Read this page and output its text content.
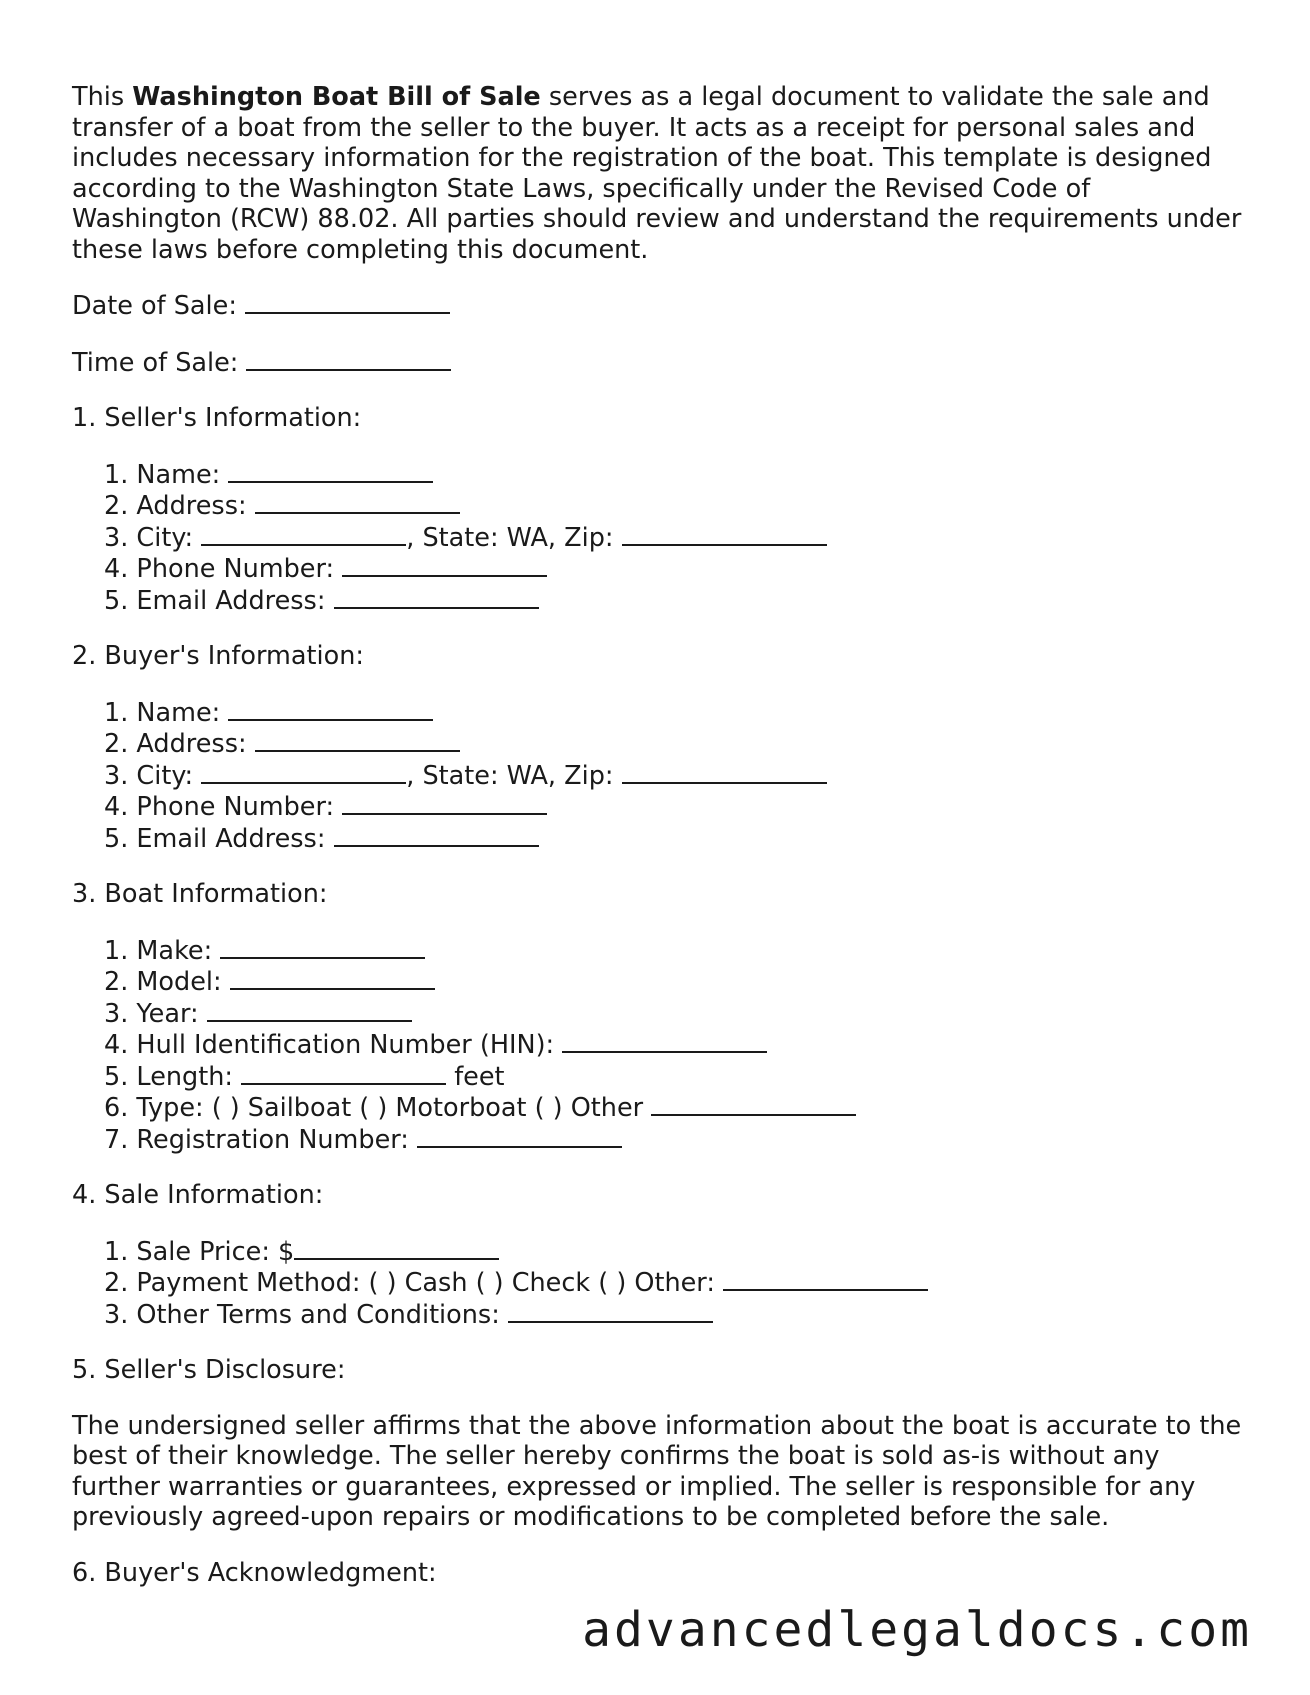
This Washington Boat Bill of Sale serves as a legal document to validate the sale and transfer of a boat from the seller to the buyer. It acts as a receipt for personal sales and includes necessary information for the registration of the boat. This template is designed according to the Washington State Laws, specifically under the Revised Code of Washington (RCW) 88.02. All parties should review and understand the requirements under these laws before completing this document.

Date of Sale:
Time of Sale:
1. Seller's Information:
1. Name:
2. Address:
3. City:	, State: WA, Zip:
4. Phone Number:
5. Email Address:
2. Buyer's Information:
1. Name:
2. Address:
3. City:	, State: WA, Zip:
4. Phone Number:
5. Email Address:
3. Boat Information:
1. Make:
2. Model:
3. Year:
4. Hull Identification Number (HIN):
5. Length:	feet
6. Type: ( ) Sailboat ( ) Motorboat ( ) Other
7. Registration Number:
4. Sale Information:
1. Sale Price: $
2. Payment Method: ( ) Cash ( ) Check ( ) Other:
3. Other Terms and Conditions:
5. Seller's Disclosure:

The undersigned seller affirms that the above information about the boat is accurate to the best of their knowledge. The seller hereby confirms the boat is sold as-is without any further warranties or guarantees, expressed or implied. The seller is responsible for any previously agreed-upon repairs or modifications to be completed before the sale.

6. Buyer's Acknowledgment:
advancedlegaldocs.com
